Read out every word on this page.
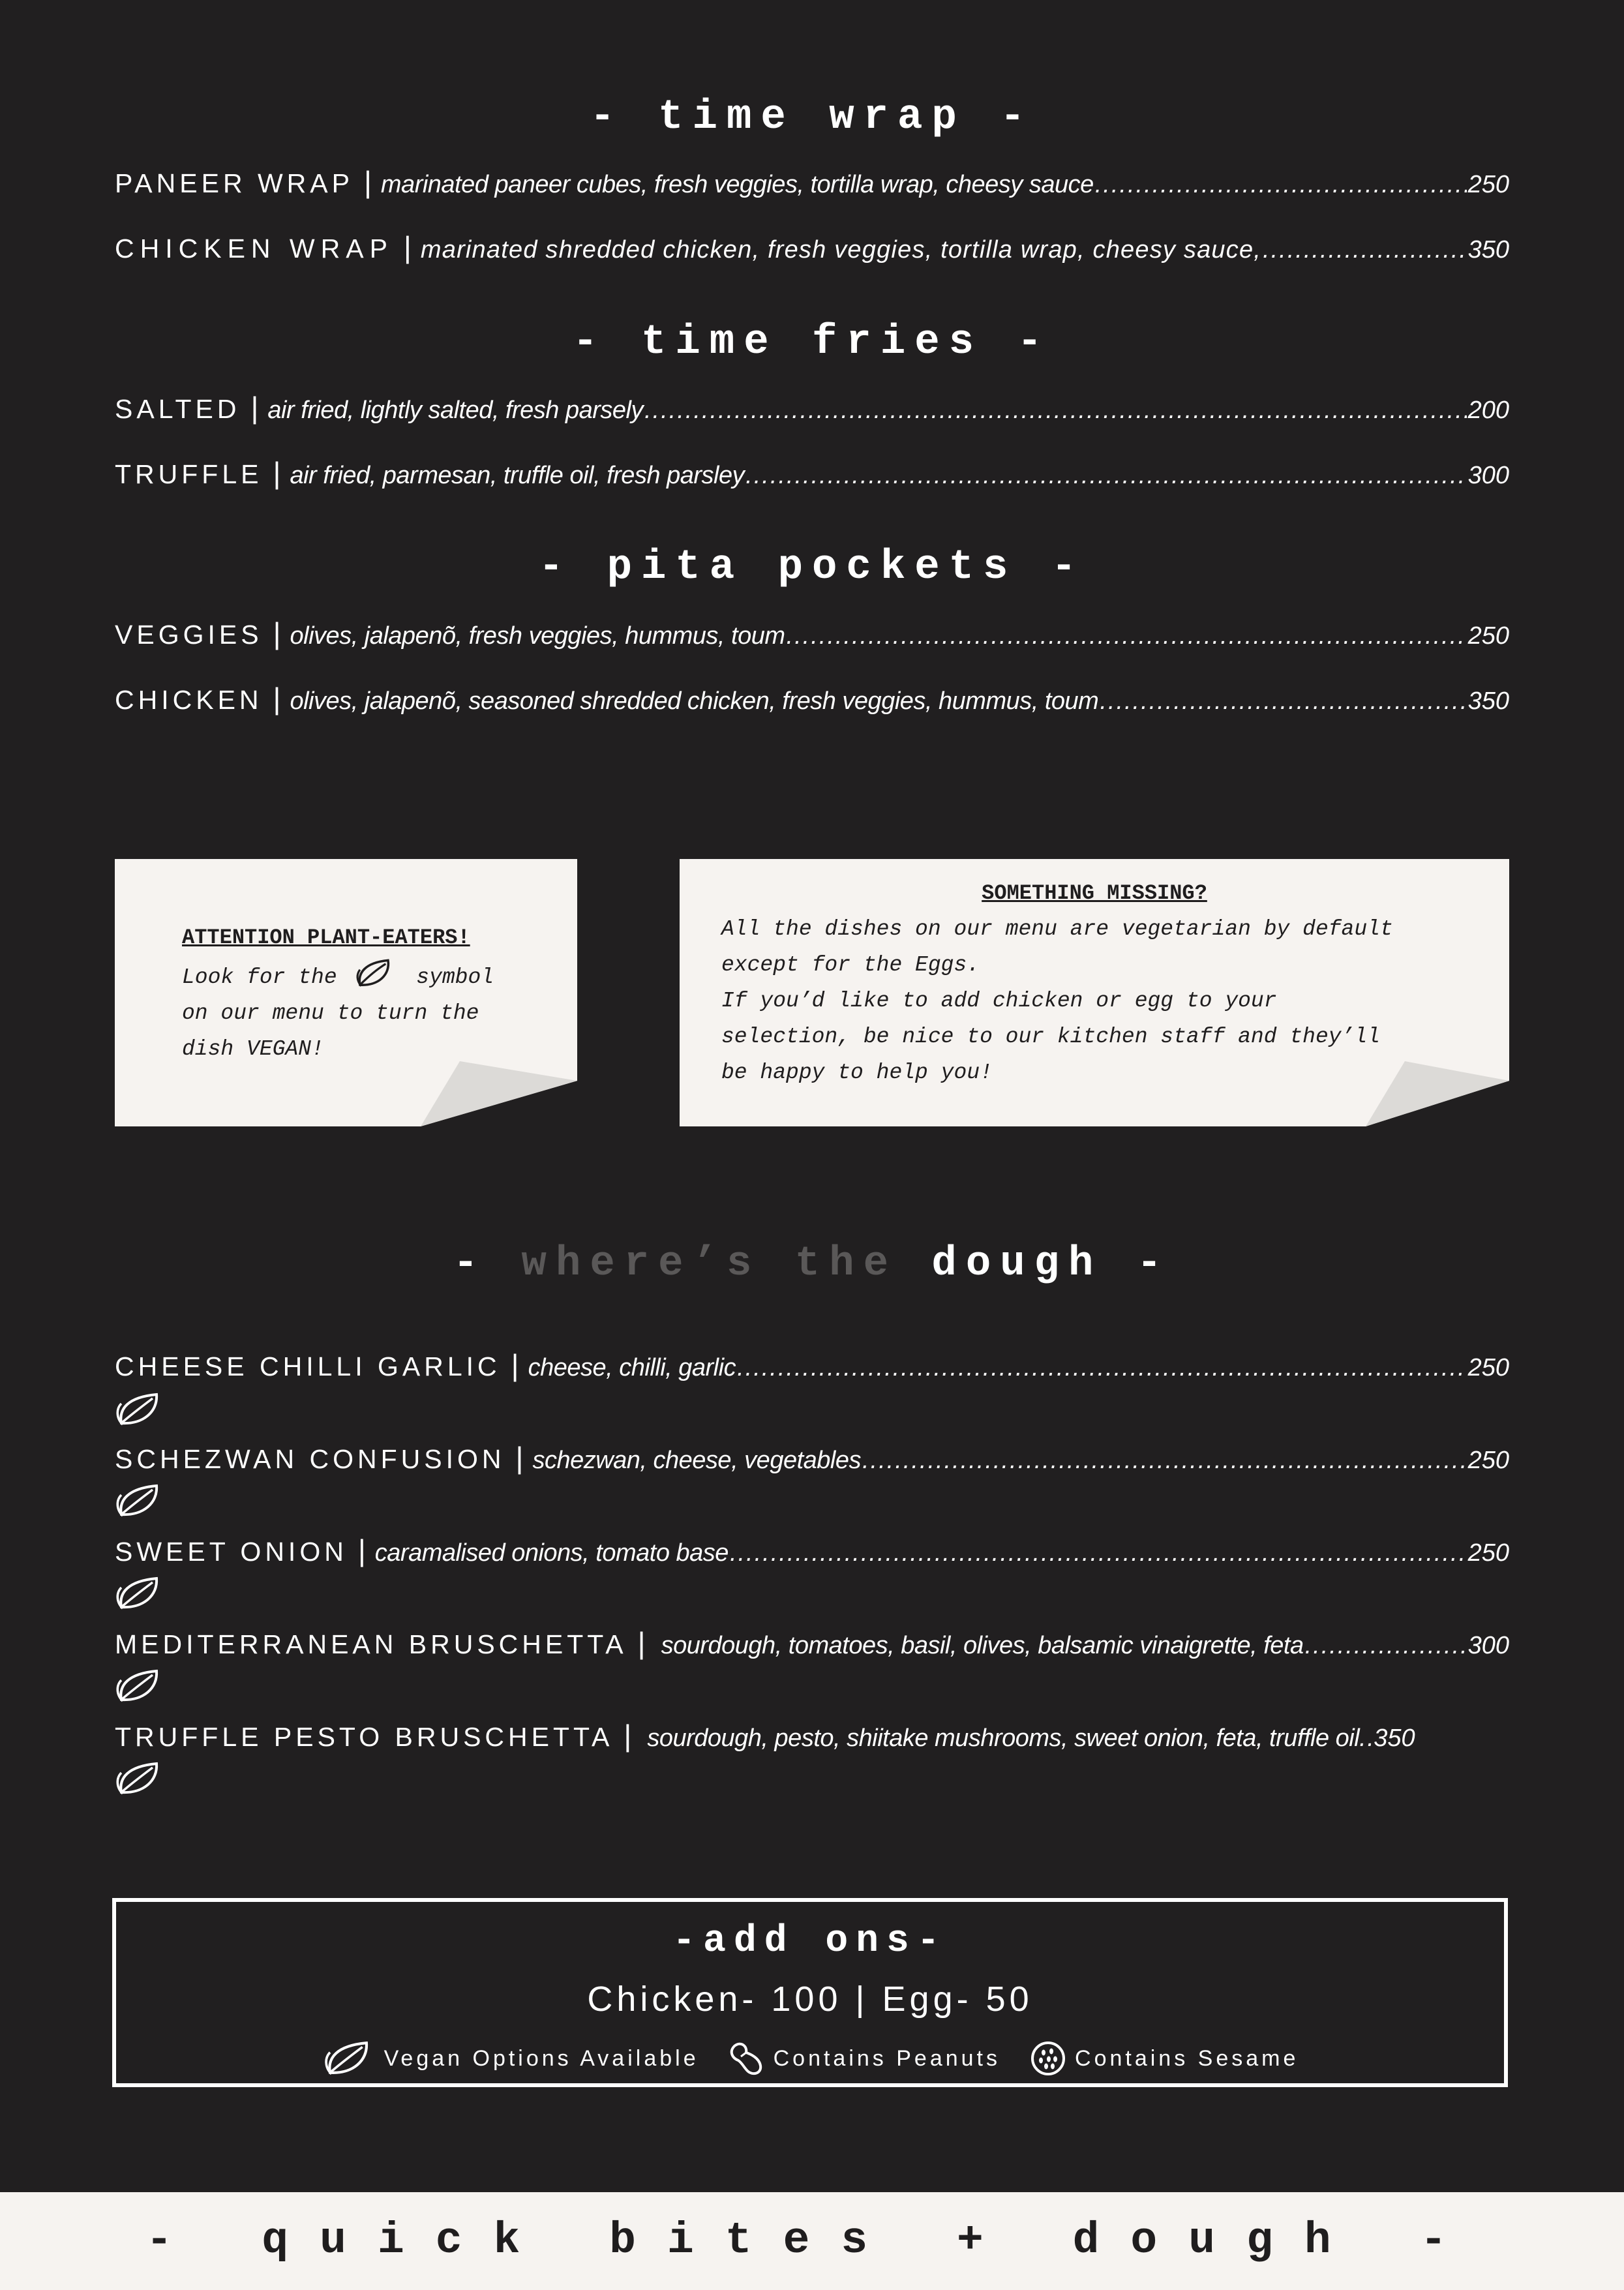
- time wrap -
PANEER WRAP | marinated paneer cubes, fresh veggies, tortilla wrap, cheesy sauce .....	250
CHICKEN WRAP | marinated shredded chicken, fresh veggies, tortilla wrap, cheesy sauce, .....	350
- time fries -
SALTED | air fried, lightly salted, fresh parsely .....	200
TRUFFLE | air fried, parmesan, truffle oil, fresh parsley .....	300
- pita pockets -
VEGGIES | olives, jalapenõ, fresh veggies, hummus, toum .....	250
CHICKEN | olives, jalapenõ, seasoned shredded chicken, fresh veggies, hummus, toum .....	350
ATTENTION PLANT-EATERS!
Look for the	symbol
on our menu to turn the
dish VEGAN!
SOMETHING MISSING?
All the dishes on our menu are vegetarian by default
except for the Eggs.
If you’d like to add chicken or egg to your
selection, be nice to our kitchen staff and they’ll
be happy to help you!
- where’s the dough -
CHEESE CHILLI GARLIC | cheese, chilli, garlic .....	250
SCHEZWAN CONFUSION | schezwan, cheese, vegetables .....	250
SWEET ONION | caramalised onions, tomato base .....	250
MEDITERRANEAN BRUSCHETTA | sourdough, tomatoes, basil, olives, balsamic vinaigrette, feta .....	300
TRUFFLE PESTO BRUSCHETTA | sourdough, pesto, shiitake mushrooms, sweet onion, feta, truffle oil. ..... 350
-add ons-
Chicken- 100 | Egg- 50
Vegan Options Available	Contains Peanuts	Contains Sesame
- quick bites + dough -
